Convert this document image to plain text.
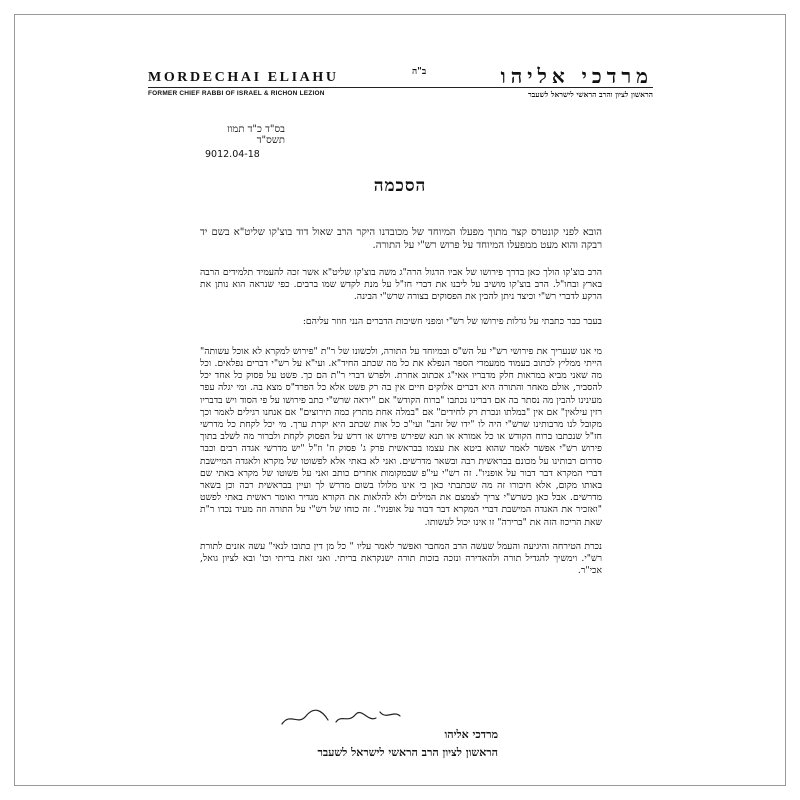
MORDECHAI ELIAHU
FORMER CHIEF RABBI OF ISRAEL & RICHON LEZION
ב"ה	מרדכי אליהו
הראשון לציון והרב הראשי לישראל לשעבר
בס"ד כ"ד תמוז תשס"ד
9012.04-18
הסכמה

הובא לפני קונטרס קצר מתוך מפעלו המיוחד של מכובדנו היקר הרב שאול דוד בוצ'קו שליט"א בשם יד רבקה והוא מעט ממפעלו המיוחד על פרוש רש"י על התורה.

הרב בוצ'קו הולך כאן בדרך פירושו של אביו הדגול הרה"ג משה בוצ'קו שליט"א אשר זכה להעמיד תלמידים הרבה בארץ ובחו"ל. הרב בוצ'קו מושיב על ליבנו את דברי חז"ל על מנת לקדש שמו ברבים. כפי שנראה הוא נותן את הרקע לדברי רש"י וכיצד ניתן להבין את הפסוקים בצורה שרש"י הבינה.

בעבר כבר כתבתי על גדלות פירושו של רש"י ומפני חשיבות הדברים הנני חוזר עליהם:

מי אנו שנעריך את פירושי רש"י על הש"ס ובמיוחד על התורה, ולכשונו של ר"ת "פירוש למקרא לא אוכל עשותה" הייתי ממליץ לכתוב בעמוד ממעמדי הספר הנפלא את כל מה שכתב החיד"א. ועי"א על רש"י דברים נפלאים. וכל מה שאני מביא במראות חלק מדבריו אאי"ג אכתוב אחרת. ולפרש דברי ר"ת הם כך. פשט על פסוק כל אחד יכל להסביר, אולם מאחר והתורה היא דברים אלוקים חיים אין בה רק פשט אלא כל הפרד"ס מצא בה. ומי יגלה עפר מעינינו להבין מה נסתר בה אם דברינו נכתבו "ברוח הקודש" אם "יראה שרש"י כתב פירושו על פי הסוד ויש בדבריו רזין עילאין" אם אין "במלתו ונכרת רק לחידים" אם "במלה אחת מתרץ כמה תירוצים" אם אנחנו רגילים לאמר וכך מקובל לנו מרבותינו שרש"י היה לו "ידו של זהב" ועי"כ כל אות שכתב היא יקרת ערך. מי יכל לקחת כל מדרשי חז"ל שנכתבו ברוח הקודש או כל אמורא או תנא שפירש פירוש או דרש על הפסוק לקחת ולברור מה לשלב בתוך פירוש רש"י אפשר לאמר שהוא ביטא את עצמו בבראשית פרק ג' פסוק ח' וז"ל "יש מדרשי אגדה רבים וכבר סדרום רבותינו על מכונם בבראשית רבה ובשאר מדרשים. ואני לא באתי אלא לפשוטו של מקרא ולאגדה המיישבת דברי המקרא דבר דבור על אופניו". זה רש"י עי"פ שבמקומות אחרים כותב ואני על פשוטו של מקרא באתי שם באותו מקום, אלא חיבורו זה מה שכתבתי כאן כי אינו מלולו בשום מדרש לך ועיין בבראשית רבה וכן בשאר מדרשים. אבל כאן כשרש"י צריך לצמצם את המילים ולא להלאות את הקורא מגדיר ואומר ראשית באתי לפשט "ואזכיר את האגדה המישבת דברי המקרא דבר דבור על אופניו". זה כוחו של רש"י על התורה וזה מעיד נכדו ר"ת שאת הריכוז הזה את "ברירה" זו אינו יכול לעשותו.

נכרת הטירחה והיגיעה והעמל שעשה הרב המחבר ואפשר לאמר עליו " כל מן דין כתובו לנאי" עשה אזנים לתורת רש"י. וימשיך להגדיל תורה ולהאדירה ונזכה בזכות תורה ישנקראת בריתי. ואני זאת בריתי וכו' ובא לציון גואל, אכי"ר.

מרדכי אליהו
הראשון לציון הרב הראשי לישראל לשעבר
